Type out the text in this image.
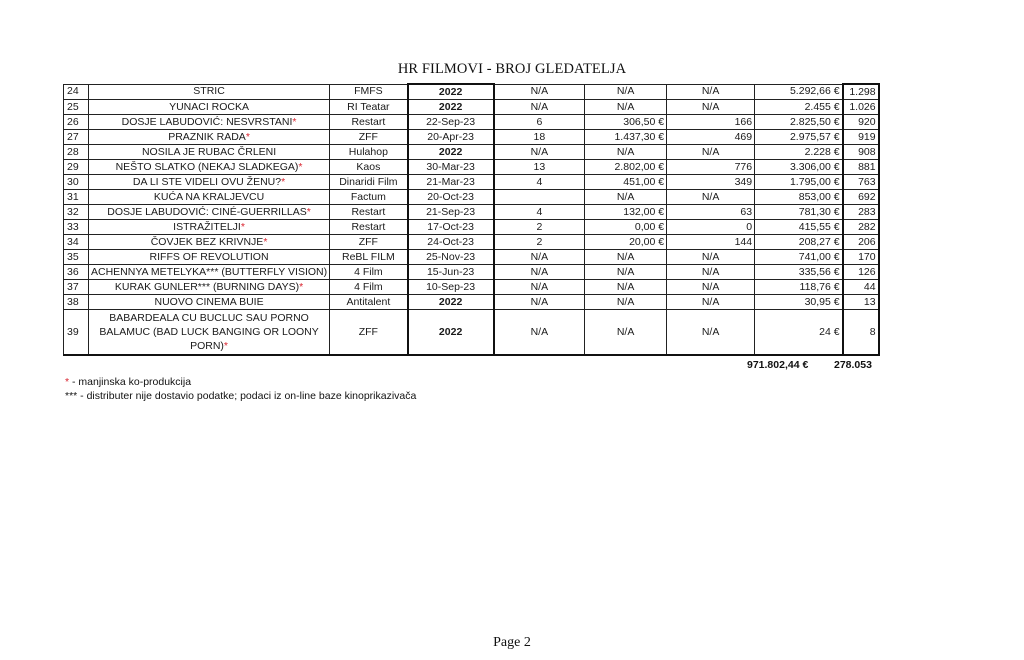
HR FILMOVI - BROJ GLEDATELJA
24	STRIC	FMFS	2022	N/A	N/A	N/A	5.292,66 €	1.298
25	YUNACI ROCKA	RI Teatar	2022	N/A	N/A	N/A	2.455 €	1.026
26	DOSJE LABUDOVIĆ: NESVRSTANI*	Restart	22-Sep-23	6	306,50 €	166	2.825,50 €	920
27	PRAZNIK RADA*	ZFF	20-Apr-23	18	1.437,30 €	469	2.975,57 €	919
28	NOSILA JE RUBAC ČRLENI	Hulahop	2022	N/A	N/A	N/A	2.228 €	908
29	NEŠTO SLATKO (NEKAJ SLADKEGA)*	Kaos	30-Mar-23	13	2.802,00 €	776	3.306,00 €	881
30	DA LI STE VIDELI OVU ŽENU?*	Dinaridi Film	21-Mar-23	4	451,00 €	349	1.795,00 €	763
31	KUĆA NA KRALJEVCU	Factum	20-Oct-23		N/A	N/A	853,00 €	692
32	DOSJE LABUDOVIĆ: CINÉ-GUERRILLAS*	Restart	21-Sep-23	4	132,00 €	63	781,30 €	283
33	ISTRAŽITELJI*	Restart	17-Oct-23	2	0,00 €	0	415,55 €	282
34	ČOVJEK BEZ KRIVNJE*	ZFF	24-Oct-23	2	20,00 €	144	208,27 €	206
35	RIFFS OF REVOLUTION	ReBL FILM	25-Nov-23	N/A	N/A	N/A	741,00 €	170
36	ACHENNYA METELYKA*** (BUTTERFLY VISION)	4 Film	15-Jun-23	N/A	N/A	N/A	335,56 €	126
37	KURAK GUNLER*** (BURNING DAYS)*	4 Film	10-Sep-23	N/A	N/A	N/A	118,76 €	44
38	NUOVO CINEMA BUIE	Antitalent	2022	N/A	N/A	N/A	30,95 €	13
39	BABARDEALA CU BUCLUC SAU PORNO BALAMUC (BAD LUCK BANGING OR LOONY PORN)*	ZFF	2022	N/A	N/A	N/A	24 €	8
971.802,44 €	278.053
* - manjinska ko-produkcija
*** - distributer nije dostavio podatke; podaci iz on-line baze kinoprikazivača
Page 2
